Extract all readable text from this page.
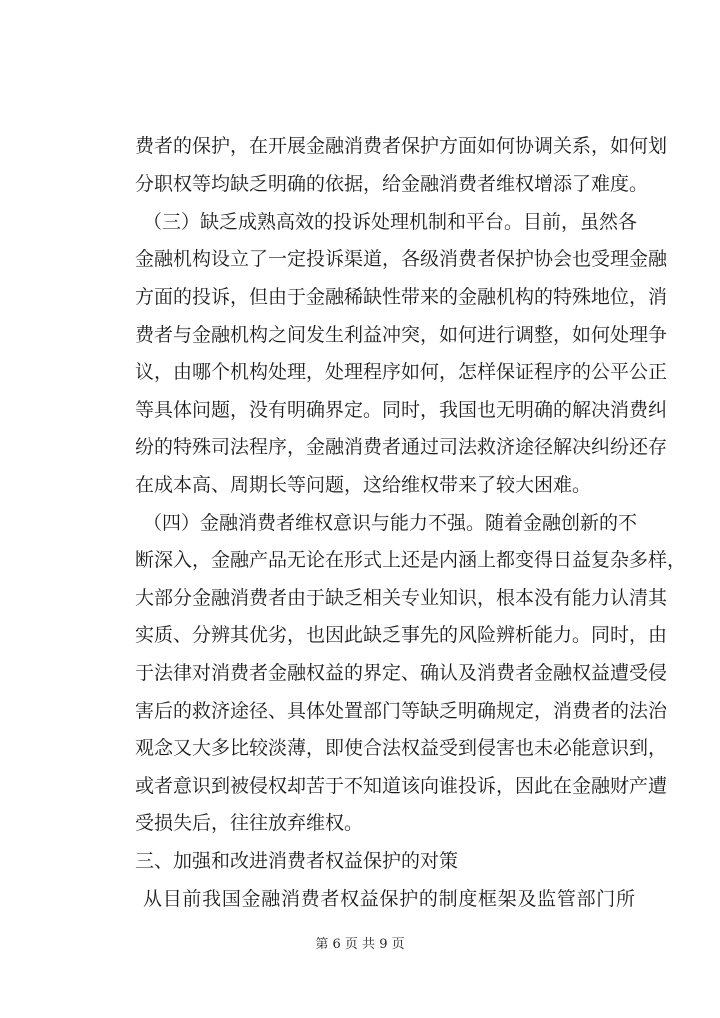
费者的保护，在开展金融消费者保护方面如何协调关系，如何划
分职权等均缺乏明确的依据，给金融消费者维权增添了难度。
（三）缺乏成熟高效的投诉处理机制和平台。目前，虽然各
金融机构设立了一定投诉渠道，各级消费者保护协会也受理金融
方面的投诉，但由于金融稀缺性带来的金融机构的特殊地位，消
费者与金融机构之间发生利益冲突，如何进行调整，如何处理争
议，由哪个机构处理，处理程序如何，怎样保证程序的公平公正
等具体问题，没有明确界定。同时，我国也无明确的解决消费纠
纷的特殊司法程序，金融消费者通过司法救济途径解决纠纷还存
在成本高、周期长等问题，这给维权带来了较大困难。
（四）金融消费者维权意识与能力不强。随着金融创新的不
断深入，金融产品无论在形式上还是内涵上都变得日益复杂多样，
大部分金融消费者由于缺乏相关专业知识，根本没有能力认清其
实质、分辨其优劣，也因此缺乏事先的风险辨析能力。同时，由
于法律对消费者金融权益的界定、确认及消费者金融权益遭受侵
害后的救济途径、具体处置部门等缺乏明确规定，消费者的法治
观念又大多比较淡薄，即使合法权益受到侵害也未必能意识到，
或者意识到被侵权却苦于不知道该向谁投诉，因此在金融财产遭
受损失后，往往放弃维权。
三、加强和改进消费者权益保护的对策
从目前我国金融消费者权益保护的制度框架及监管部门所
第 6 页 共 9 页
